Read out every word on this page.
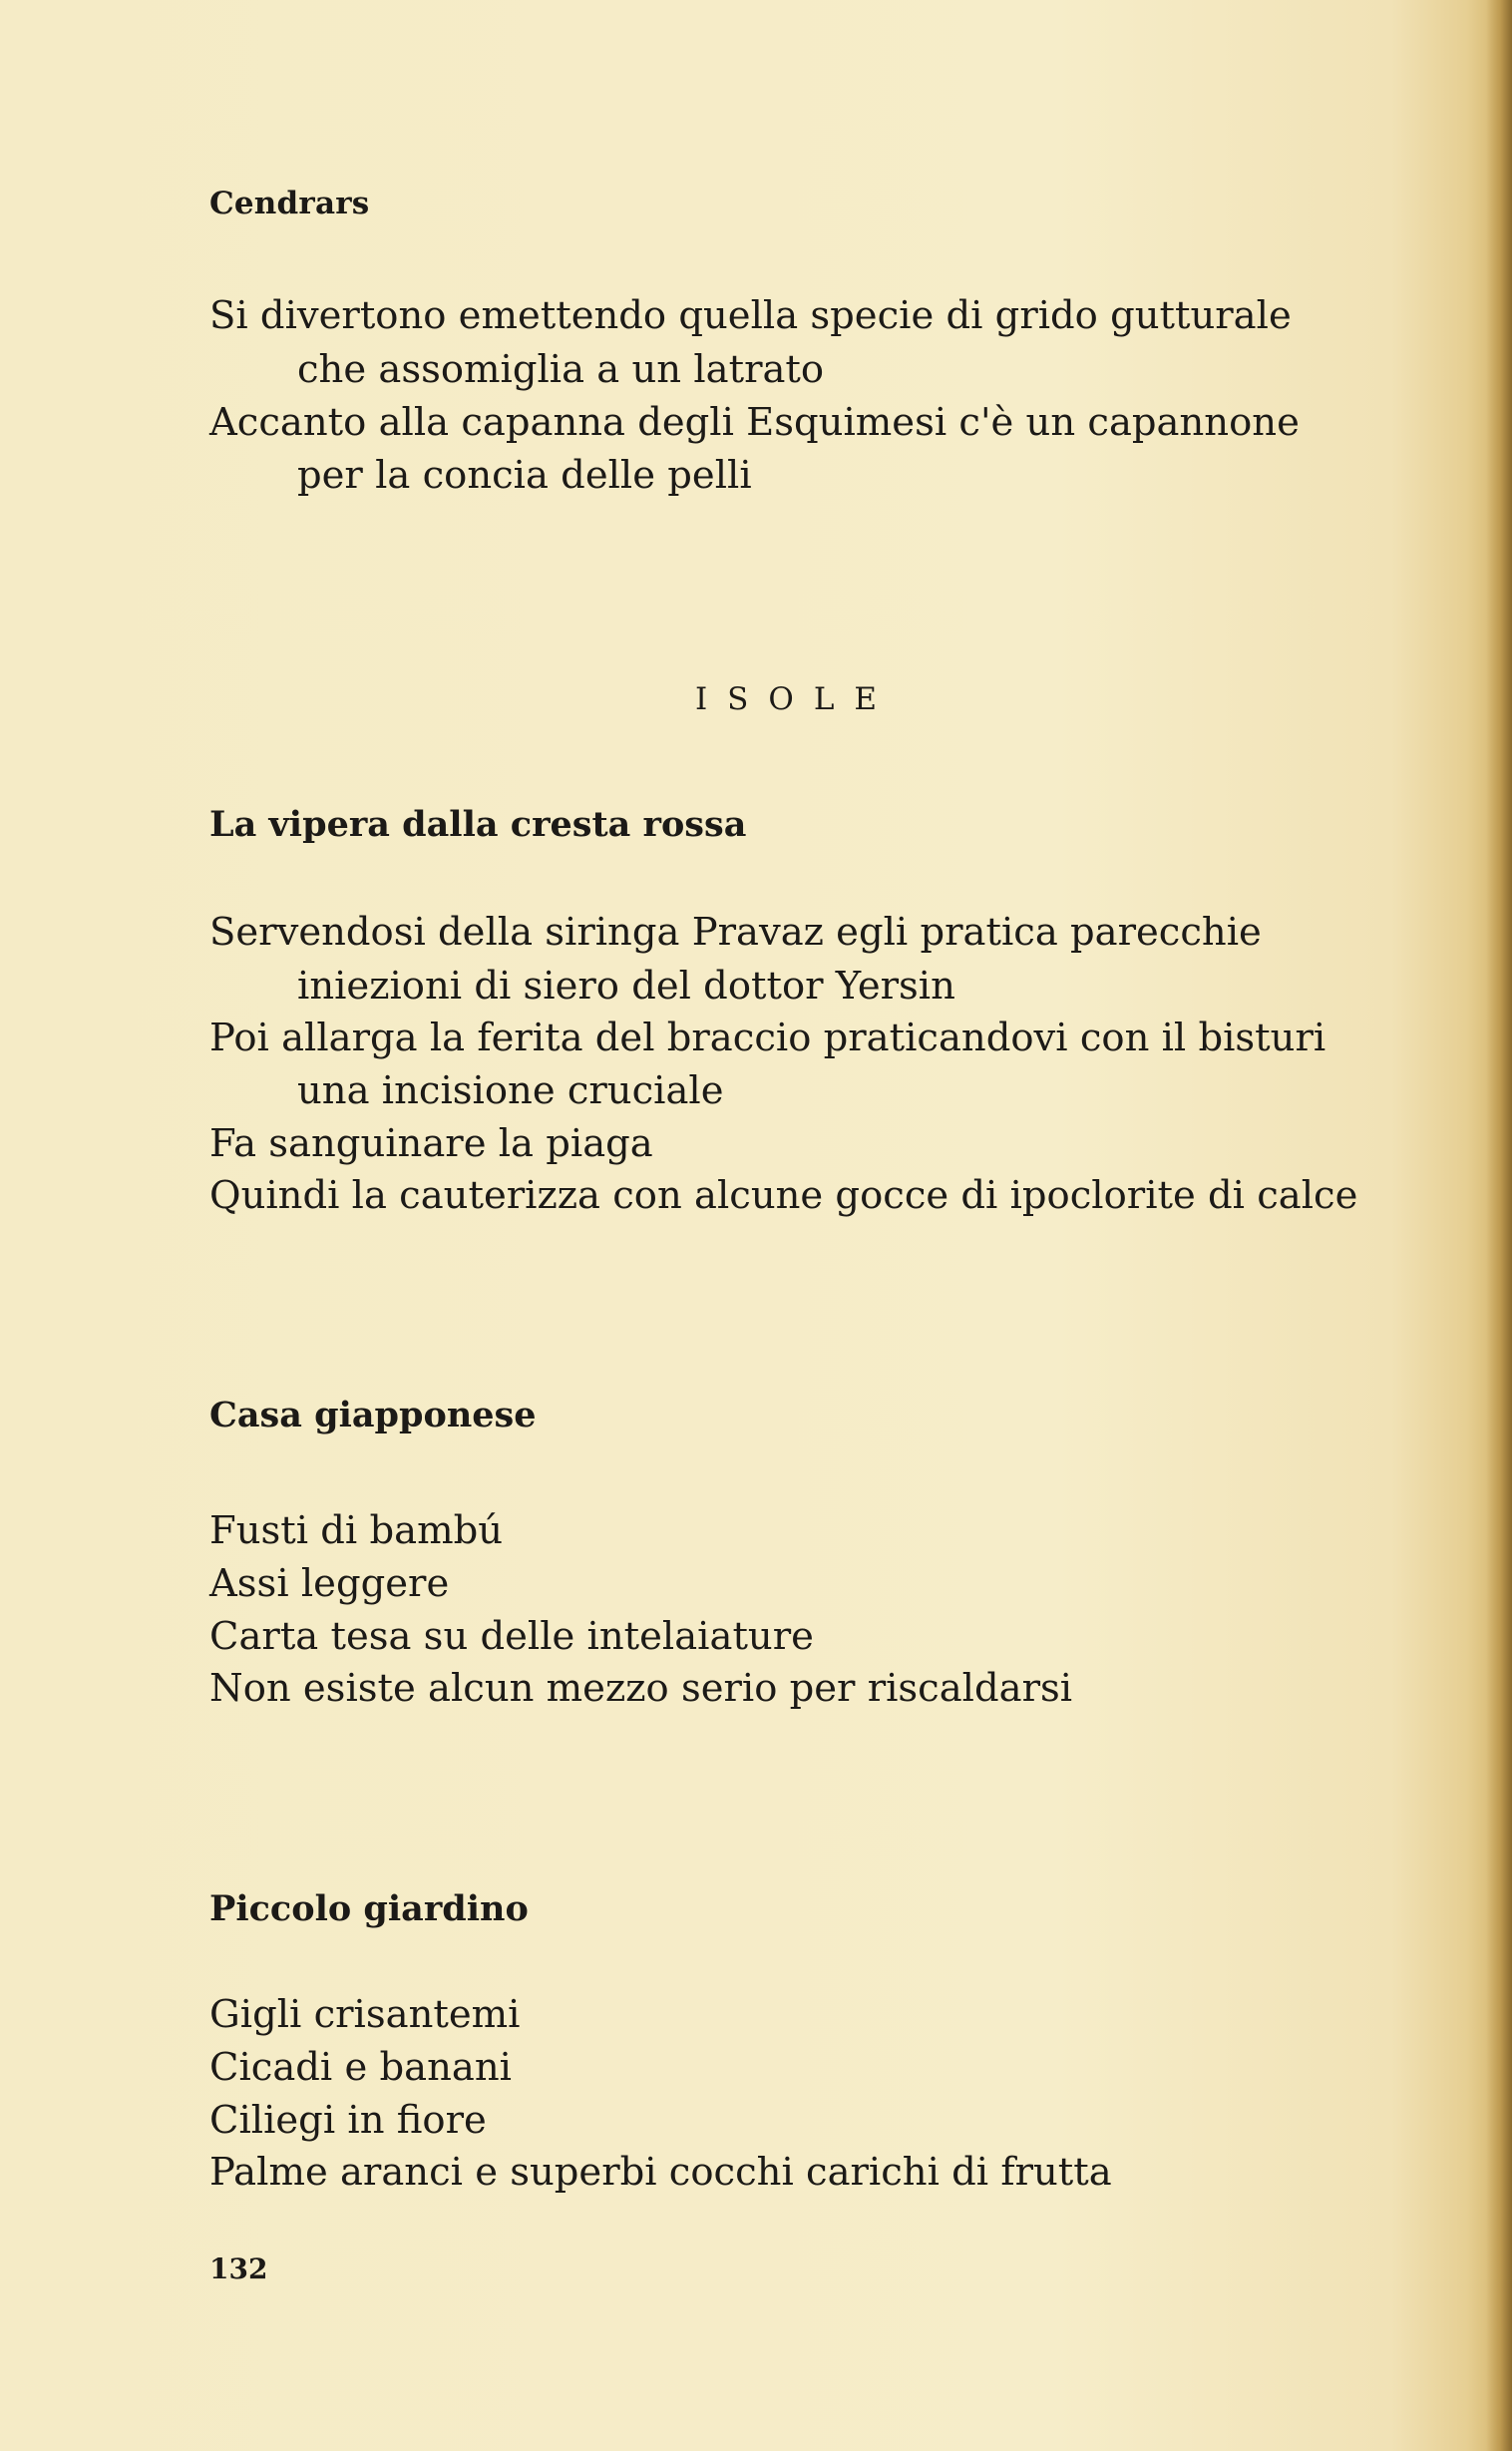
Cendrars
Si divertono emettendo quella specie di grido gutturale
che assomiglia a un latrato
Accanto alla capanna degli Esquimesi c'è un capannone
per la concia delle pelli
ISOLE
La vipera dalla cresta rossa
Servendosi della siringa Pravaz egli pratica parecchie
iniezioni di siero del dottor Yersin
Poi allarga la ferita del braccio praticandovi con il bisturi
una incisione cruciale
Fa sanguinare la piaga
Quindi la cauterizza con alcune gocce di ipoclorite di calce
Casa giapponese
Fusti di bambú
Assi leggere
Carta tesa su delle intelaiature
Non esiste alcun mezzo serio per riscaldarsi
Piccolo giardino
Gigli crisantemi
Cicadi e banani
Ciliegi in fiore
Palme aranci e superbi cocchi carichi di frutta
132
